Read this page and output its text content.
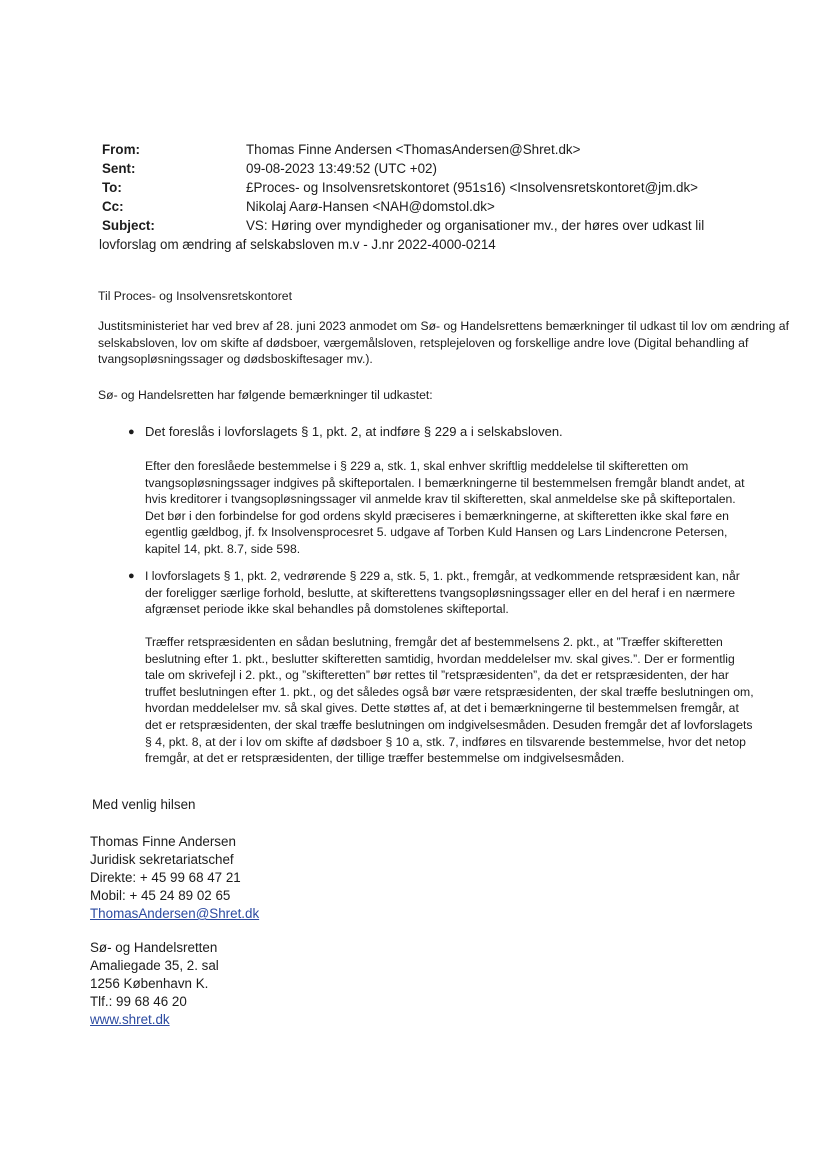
From:	Thomas Finne Andersen <ThomasAndersen@Shret.dk>
Sent:	09-08-2023 13:49:52 (UTC +02)
To:	£Proces- og Insolvensretskontoret (951s16) <Insolvensretskontoret@jm.dk>
Cc:	Nikolaj Aarø-Hansen <NAH@domstol.dk>
Subject:	VS: Høring over myndigheder og organisationer mv., der høres over udkast lil
lovforslag om ændring af selskabsloven m.v - J.nr 2022-4000-0214
Til Proces- og Insolvensretskontoret
Justitsministeriet har ved brev af 28. juni 2023 anmodet om Sø- og Handelsrettens bemærkninger til udkast til lov om ændring af selskabsloven, lov om skifte af dødsboer, værgemålsloven, retsplejeloven og forskellige andre love (Digital behandling af tvangsopløsningssager og dødsboskiftesager mv.).
Sø- og Handelsretten har følgende bemærkninger til udkastet:
● Det foreslås i lovforslagets § 1, pkt. 2, at indføre § 229 a i selskabsloven.
Efter den foreslåede bestemmelse i § 229 a, stk. 1, skal enhver skriftlig meddelelse til skifteretten om tvangsopløsningssager indgives på skifteportalen. I bemærkningerne til bestemmelsen fremgår blandt andet, at hvis kreditorer i tvangsopløsningssager vil anmelde krav til skifteretten, skal anmeldelse ske på skifteportalen. Det bør i den forbindelse for god ordens skyld præciseres i bemærkningerne, at skifteretten ikke skal føre en egentlig gældbog, jf. fx Insolvensprocesret 5. udgave af Torben Kuld Hansen og Lars Lindencrone Petersen, kapitel 14, pkt. 8.7, side 598.
● I lovforslagets § 1, pkt. 2, vedrørende § 229 a, stk. 5, 1. pkt., fremgår, at vedkommende retspræsident kan, når der foreligger særlige forhold, beslutte, at skifterettens tvangsopløsningssager eller en del heraf i en nærmere afgrænset periode ikke skal behandles på domstolenes skifteportal.
Træffer retspræsidenten en sådan beslutning, fremgår det af bestemmelsens 2. pkt., at ”Træffer skifteretten beslutning efter 1. pkt., beslutter skifteretten samtidig, hvordan meddelelser mv. skal gives.”. Der er formentlig tale om skrivefejl i 2. pkt., og ”skifteretten” bør rettes til ”retspræsidenten”, da det er retspræsidenten, der har truffet beslutningen efter 1. pkt., og det således også bør være retspræsidenten, der skal træffe beslutningen om, hvordan meddelelser mv. så skal gives. Dette støttes af, at det i bemærkningerne til bestemmelsen fremgår, at det er retspræsidenten, der skal træffe beslutningen om indgivelsesmåden. Desuden fremgår det af lovforslagets § 4, pkt. 8, at der i lov om skifte af dødsboer § 10 a, stk. 7, indføres en tilsvarende bestemmelse, hvor det netop fremgår, at det er retspræsidenten, der tillige træffer bestemmelse om indgivelsesmåden.
Med venlig hilsen
Thomas Finne Andersen
Juridisk sekretariatschef
Direkte: + 45 99 68 47 21
Mobil: + 45 24 89 02 65
ThomasAndersen@Shret.dk
Sø- og Handelsretten
Amaliegade 35, 2. sal
1256 København K.
Tlf.: 99 68 46 20
www.shret.dk
